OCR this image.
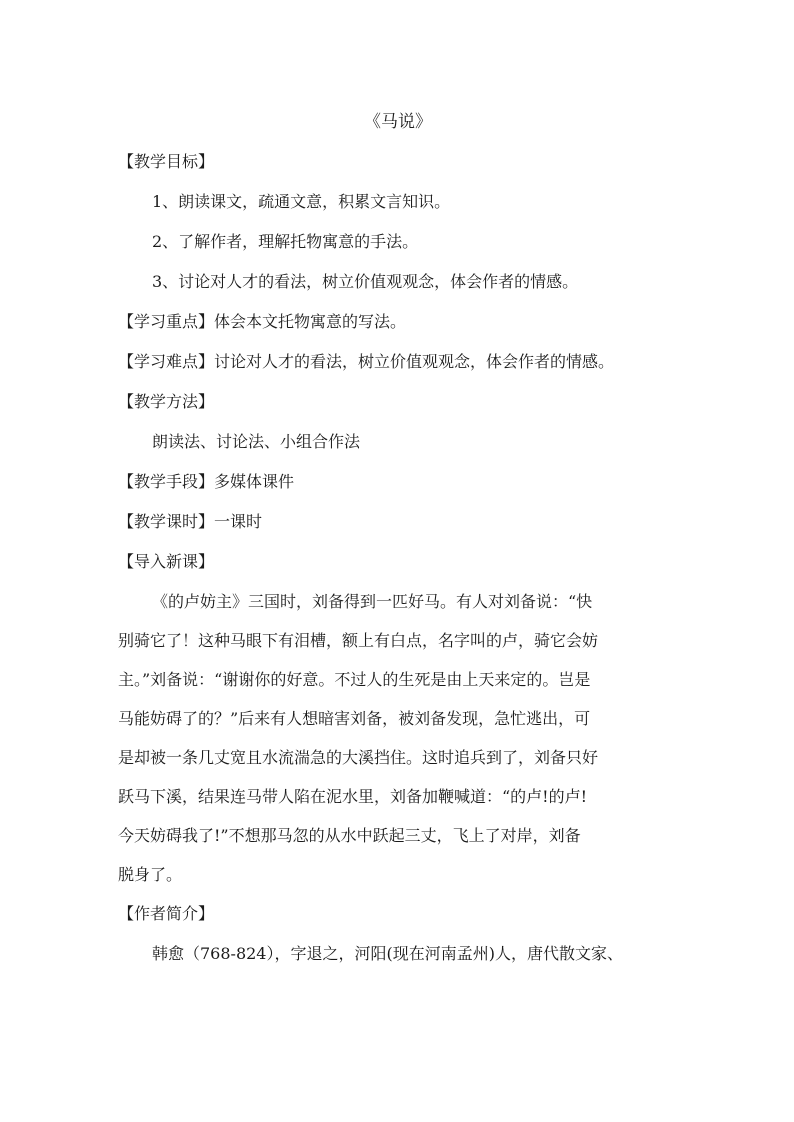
《马说》

【教学目标】

1、朗读课文，疏通文意，积累文言知识。

2、了解作者，理解托物寓意的手法。

3、讨论对人才的看法，树立价值观观念，体会作者的情感。

【学习重点】体会本文托物寓意的写法。

【学习难点】讨论对人才的看法，树立价值观观念，体会作者的情感。

【教学方法】

朗读法、讨论法、小组合作法

【教学手段】多媒体课件

【教学课时】一课时

【导入新课】

《的卢妨主》三国时，刘备得到一匹好马。有人对刘备说：“快

别骑它了！这种马眼下有泪槽，额上有白点，名字叫的卢，骑它会妨

主。”刘备说：“谢谢你的好意。不过人的生死是由上天来定的。岂是

马能妨碍了的？”后来有人想暗害刘备，被刘备发现，急忙逃出，可

是却被一条几丈宽且水流湍急的大溪挡住。这时追兵到了，刘备只好

跃马下溪，结果连马带人陷在泥水里，刘备加鞭喊道：“的卢!的卢!

今天妨碍我了!”不想那马忽的从水中跃起三丈，飞上了对岸，刘备

脱身了。

【作者简介】

韩愈（768-824），字退之，河阳(现在河南孟州)人，唐代散文家、
